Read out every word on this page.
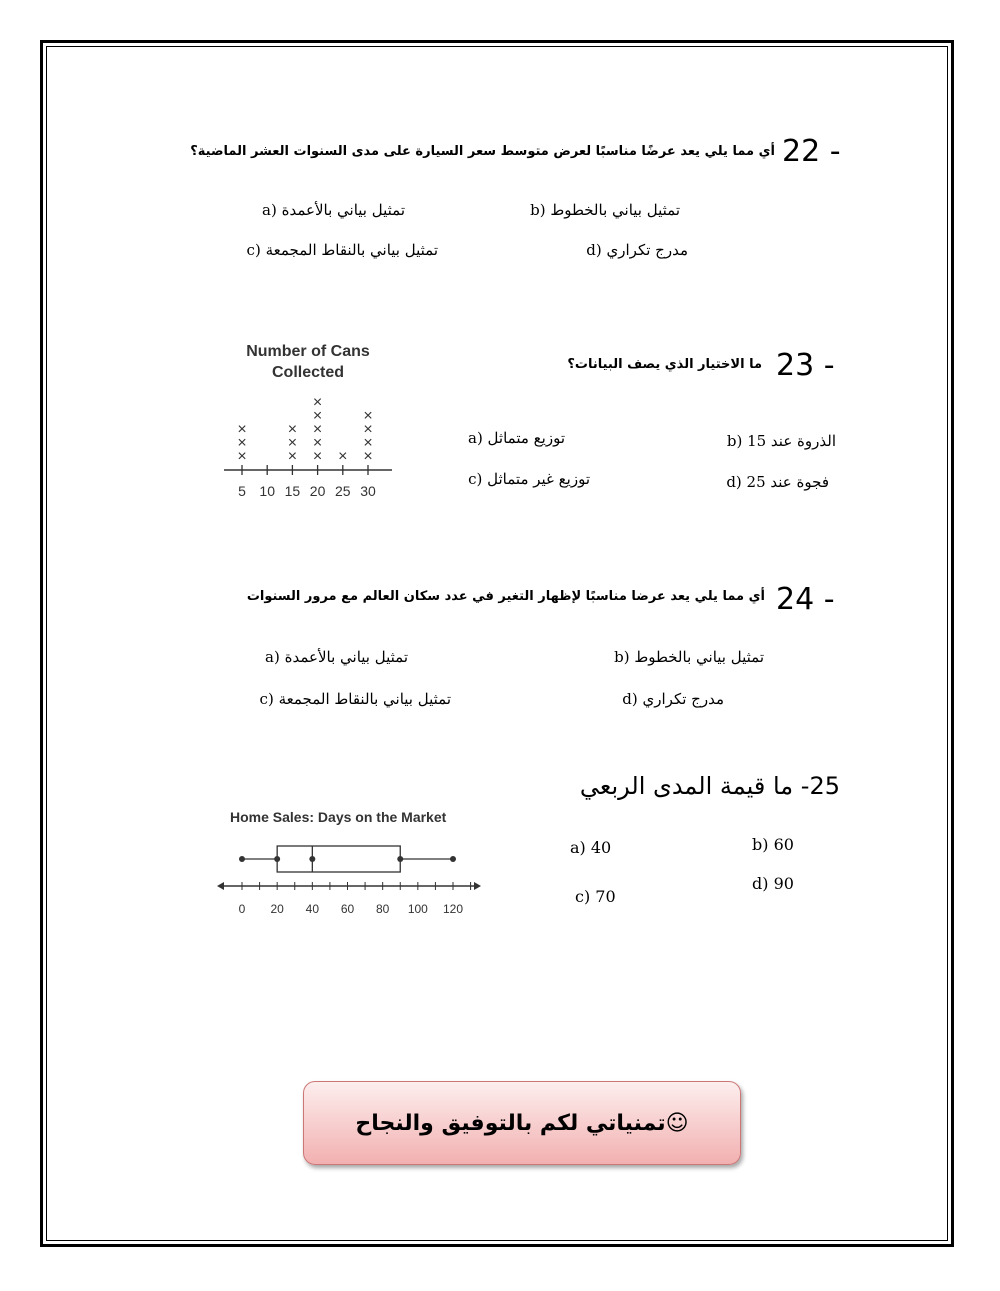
22 -
أي مما يلي يعد عرضًا مناسبًا لعرض متوسط سعر السيارة على مدى السنوات العشر الماضية؟
تمثيل بياني بالخطوط (b
تمثيل بياني بالأعمدة (a
مدرج تكراري (d
تمثيل بياني بالنقاط المجمعة (c
23 -
ما الاختيار الذي يصف البيانات؟
Number of Cans
Collected
5
×
×
×
10 15
×
×
×
20
×
×
×
×
×
25
×
30
×
×
×
×
توزيع متماثل (a	الذروة عند 15 (b
توزيع غير متماثل (c	فجوة عند 25 (d
24 -
أي مما يلي يعد عرضا مناسبًا لإظهار التغير في عدد سكان العالم مع مرور السنوات
تمثيل بياني بالخطوط (b
تمثيل بياني بالأعمدة (a
مدرج تكراري (d
تمثيل بياني بالنقاط المجمعة (c
25- ما قيمة المدى الربعي
Home Sales: Days on the Market
0 20 40 60 80 100 120
a) 40	b) 60
c) 70
d) 90
☺تمنياتي لكم بالتوفيق والنجاح
